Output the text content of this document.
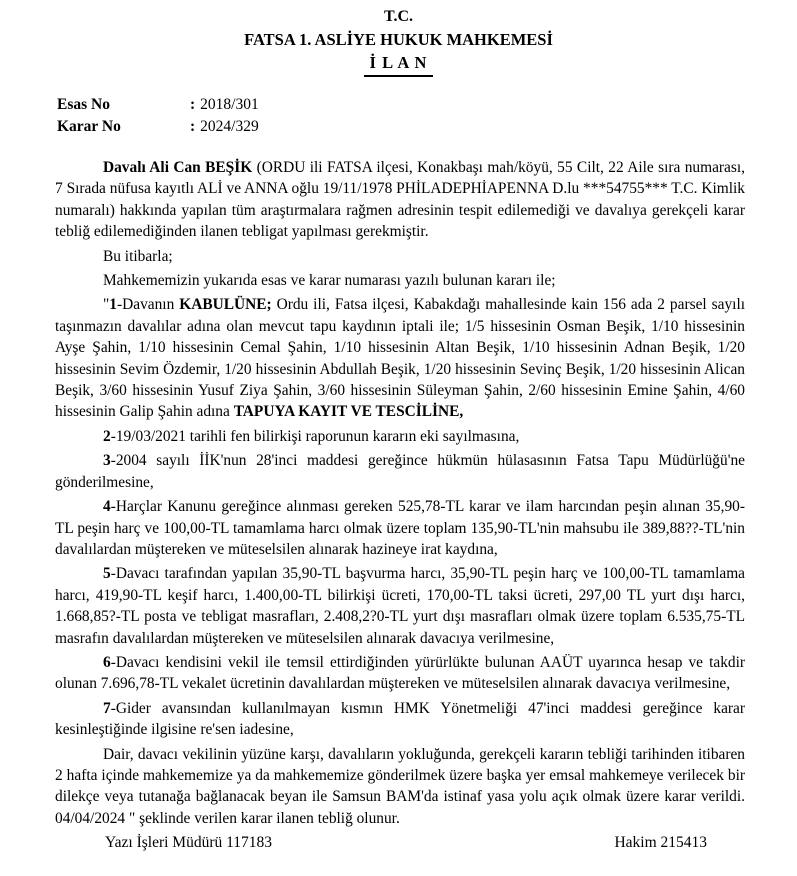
T.C.
FATSA 1. ASLİYE HUKUK MAHKEMESİ
İ L A N
Esas No	: 2018/301
Karar No	: 2024/329

Davalı Ali Can BEŞİK (ORDU ili FATSA ilçesi, Konakbaşı mah/köyü, 55 Cilt, 22 Aile sıra numarası, 7 Sırada nüfusa kayıtlı ALİ ve ANNA oğlu 19/11/1978 PHİLADEPHİAPENNA D.lu ***54755*** T.C. Kimlik numaralı) hakkında yapılan tüm araştırmalara rağmen adresinin tespit edilemediği ve davalıya gerekçeli karar tebliğ edilemediğinden ilanen tebligat yapılması gerekmiştir.

Bu itibarla;

Mahkememizin yukarıda esas ve karar numarası yazılı bulunan kararı ile;

"1-Davanın KABULÜNE; Ordu ili, Fatsa ilçesi, Kabakdağı mahallesinde kain 156 ada 2 parsel sayılı taşınmazın davalılar adına olan mevcut tapu kaydının iptali ile; 1/5 hissesinin Osman Beşik, 1/10 hissesinin Ayşe Şahin, 1/10 hissesinin Cemal Şahin, 1/10 hissesinin Altan Beşik, 1/10 hissesinin Adnan Beşik, 1/20 hissesinin Sevim Özdemir, 1/20 hissesinin Abdullah Beşik, 1/20 hissesinin Sevinç Beşik, 1/20 hissesinin Alican Beşik, 3/60 hissesinin Yusuf Ziya Şahin, 3/60 hissesinin Süleyman Şahin, 2/60 hissesinin Emine Şahin, 4/60 hissesinin Galip Şahin adına TAPUYA KAYIT VE TESCİLİNE,

2-19/03/2021 tarihli fen bilirkişi raporunun kararın eki sayılmasına,

3-2004 sayılı İİK'nun 28'inci maddesi gereğince hükmün hülasasının Fatsa Tapu Müdürlüğü'ne gönderilmesine,

4-Harçlar Kanunu gereğince alınması gereken 525,78-TL karar ve ilam harcından peşin alınan 35,90-TL peşin harç ve 100,00-TL tamamlama harcı olmak üzere toplam 135,90-TL'nin mahsubu ile 389,88??-TL'nin davalılardan müştereken ve müteselsilen alınarak hazineye irat kaydına,

5-Davacı tarafından yapılan 35,90-TL başvurma harcı, 35,90-TL peşin harç ve 100,00-TL tamamlama harcı, 419,90-TL keşif harcı, 1.400,00-TL bilirkişi ücreti, 170,00-TL taksi ücreti, 297,00 TL yurt dışı harcı, 1.668,85?-TL posta ve tebligat masrafları, 2.408,2?0-TL yurt dışı masrafları olmak üzere toplam 6.535,75-TL masrafın davalılardan müştereken ve müteselsilen alınarak davacıya verilmesine,

6-Davacı kendisini vekil ile temsil ettirdiğinden yürürlükte bulunan AAÜT uyarınca hesap ve takdir olunan 7.696,78-TL vekalet ücretinin davalılardan müştereken ve müteselsilen alınarak davacıya verilmesine,

7-Gider avansından kullanılmayan kısmın HMK Yönetmeliği 47'inci maddesi gereğince karar kesinleştiğinde ilgisine re'sen iadesine,

Dair, davacı vekilinin yüzüne karşı, davalıların yokluğunda, gerekçeli kararın tebliği tarihinden itibaren 2 hafta içinde mahkememize ya da mahkememize gönderilmek üzere başka yer emsal mahkemeye verilecek bir dilekçe veya tutanağa bağlanacak beyan ile Samsun BAM'da istinaf yasa yolu açık olmak üzere karar verildi. 04/04/2024 " şeklinde verilen karar ilanen tebliğ olunur.

Yazı İşleri Müdürü 117183	Hakim 215413
